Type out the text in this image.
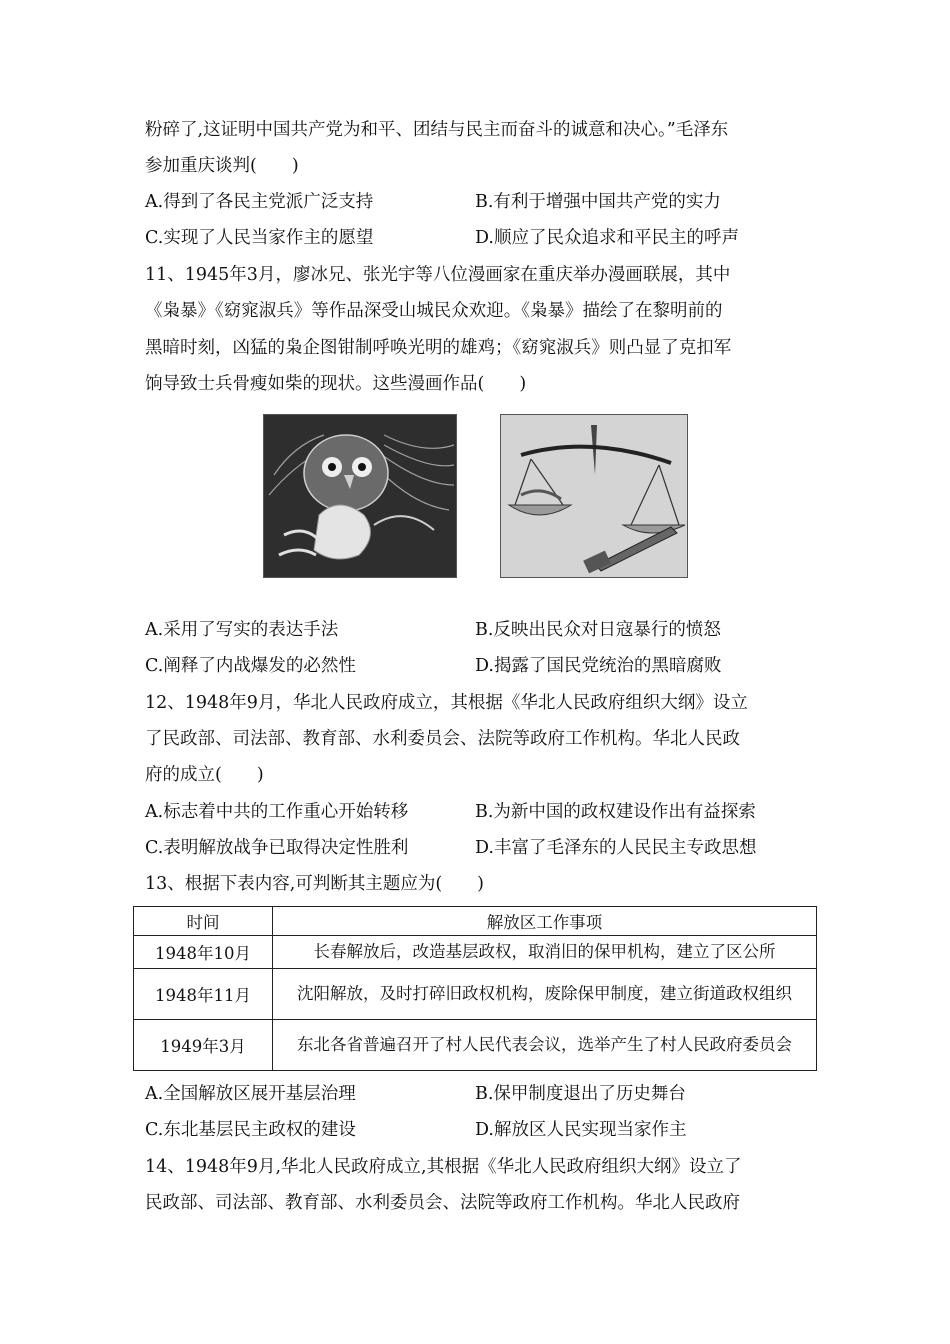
粉碎了,这证明中国共产党为和平、团结与民主而奋斗的诚意和决心。”毛泽东
参加重庆谈判(　　)
A.得到了各民主党派广泛支持	B.有利于增强中国共产党的实力
C.实现了人民当家作主的愿望	D.顺应了民众追求和平民主的呼声
11、1945年3月，廖冰兄、张光宇等八位漫画家在重庆举办漫画联展，其中
《枭暴》《窈窕淑兵》等作品深受山城民众欢迎。《枭暴》描绘了在黎明前的
黑暗时刻，凶猛的枭企图钳制呼唤光明的雄鸡；《窈窕淑兵》则凸显了克扣军
饷导致士兵骨瘦如柴的现状。这些漫画作品(　　)
A.采用了写实的表达手法	B.反映出民众对日寇暴行的愤怒
C.阐释了内战爆发的必然性	D.揭露了国民党统治的黑暗腐败
12、1948年9月，华北人民政府成立，其根据《华北人民政府组织大纲》设立
了民政部、司法部、教育部、水利委员会、法院等政府工作机构。华北人民政
府的成立(　　)
A.标志着中共的工作重心开始转移	B.为新中国的政权建设作出有益探索
C.表明解放战争已取得决定性胜利	D.丰富了毛泽东的人民民主专政思想
13、根据下表内容,可判断其主题应为(　　)
时间	解放区工作事项
1948年10月	长春解放后，改造基层政权，取消旧的保甲机构，建立了区公所
1948年11月	沈阳解放，及时打碎旧政权机构，废除保甲制度，建立街道政权组织
1949年3月	东北各省普遍召开了村人民代表会议，选举产生了村人民政府委员会
A.全国解放区展开基层治理	B.保甲制度退出了历史舞台
C.东北基层民主政权的建设	D.解放区人民实现当家作主
14、1948年9月,华北人民政府成立,其根据《华北人民政府组织大纲》设立了
民政部、司法部、教育部、水利委员会、法院等政府工作机构。华北人民政府
